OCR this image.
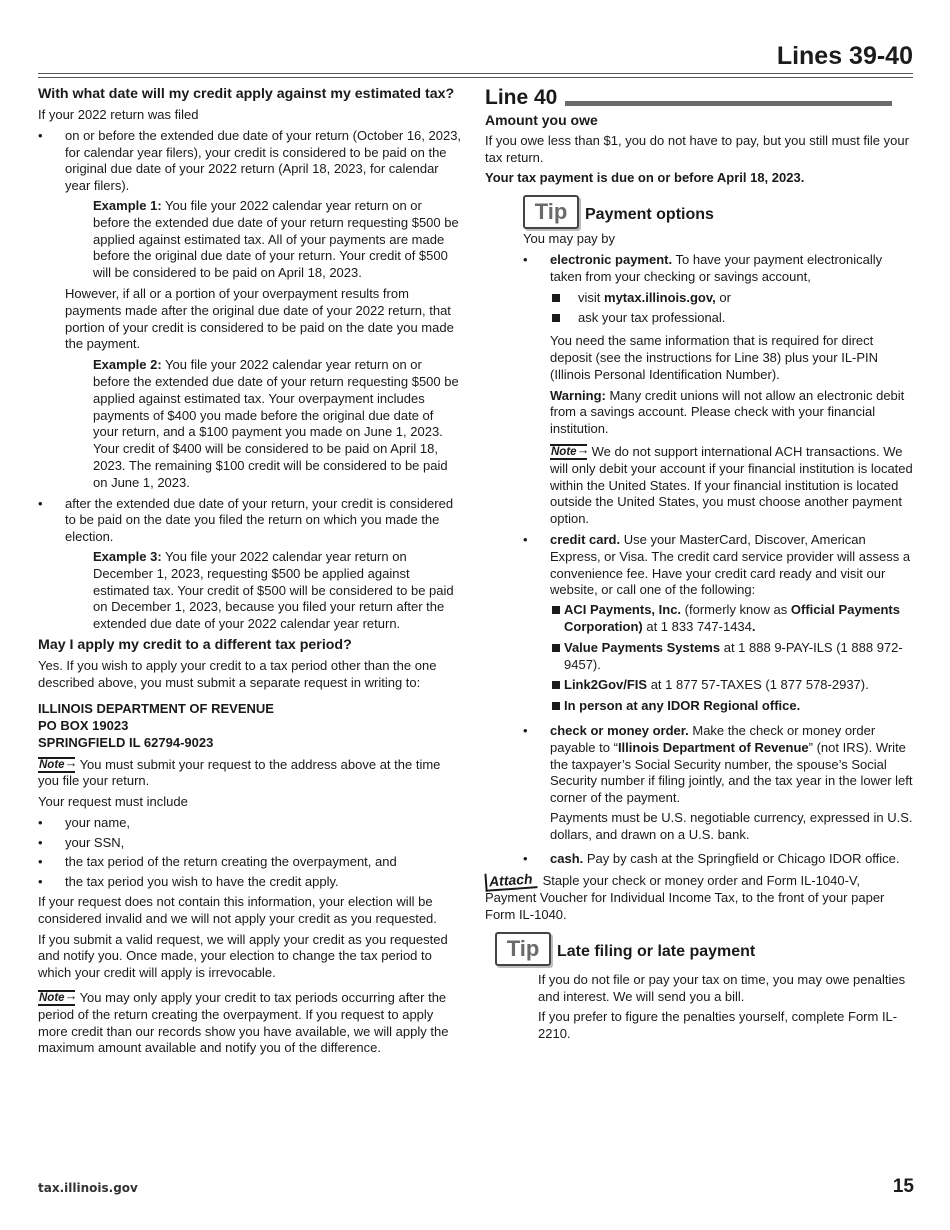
Lines 39-40
With what date will my credit apply against my estimated tax?

If your 2022 return was filed

• on or before the extended due date of your return (October 16, 2023, for calendar year filers), your credit is considered to be paid on the original due date of your 2022 return (April 18, 2023, for calendar year filers).

Example 1: You file your 2022 calendar year return on or before the extended due date of your return requesting $500 be applied against estimated tax. All of your payments are made before the original due date of your return. Your credit of $500 will be considered to be paid on April 18, 2023.

However, if all or a portion of your overpayment results from payments made after the original due date of your 2022 return, that portion of your credit is considered to be paid on the date you made the payment.

Example 2: You file your 2022 calendar year return on or before the extended due date of your return requesting $500 be applied against estimated tax. Your overpayment includes payments of $400 you made before the original due date of your return, and a $100 payment you made on June 1, 2023. Your credit of $400 will be considered to be paid on April 18, 2023. The remaining $100 credit will be considered to be paid on June 1, 2023.

• after the extended due date of your return, your credit is considered to be paid on the date you filed the return on which you made the election.

Example 3: You file your 2022 calendar year return on December 1, 2023, requesting $500 be applied against estimated tax. Your credit of $500 will be considered to be paid on December 1, 2023, because you filed your return after the extended due date of your 2022 calendar year return.

May I apply my credit to a different tax period?

Yes. If you wish to apply your credit to a tax period other than the one described above, you must submit a separate request in writing to:

ILLINOIS DEPARTMENT OF REVENUE
PO BOX 19023
SPRINGFIELD IL 62794-9023

Note → You must submit your request to the address above at the time you file your return.

Your request must include

• your name,
• your SSN,
• the tax period of the return creating the overpayment, and
• the tax period you wish to have the credit apply.

If your request does not contain this information, your election will be considered invalid and we will not apply your credit as you requested.

If you submit a valid request, we will apply your credit as you requested and notify you. Once made, your election to change the tax period to which your credit will apply is irrevocable.

Note → You may only apply your credit to tax periods occurring after the period of the return creating the overpayment. If you request to apply more credit than our records show you have available, we will apply the maximum amount available and notify you of the difference.

Line 40
Amount you owe

If you owe less than $1, you do not have to pay, but you still must file your tax return.

Your tax payment is due on or before April 18, 2023.

Tip	Payment options

You may pay by

• electronic payment. To have your payment electronically taken from your checking or savings account,
visit mytax.illinois.gov, or
ask your tax professional.

You need the same information that is required for direct deposit (see the instructions for Line 38) plus your IL-PIN (Illinois Personal Identification Number).

Warning: Many credit unions will not allow an electronic debit from a savings account. Please check with your financial institution.

Note → We do not support international ACH transactions. We will only debit your account if your financial institution is located within the United States. If your financial institution is located outside the United States, you must choose another payment option.

• credit card. Use your MasterCard, Discover, American Express, or Visa. The credit card service provider will assess a convenience fee. Have your credit card ready and visit our website, or call one of the following:
ACI Payments, Inc. (formerly know as Official Payments Corporation) at 1 833 747-1434.
Value Payments Systems at 1 888 9-PAY-ILS (1 888 972-9457).
Link2Gov/FIS at 1 877 57-TAXES (1 877 578-2937).
In person at any IDOR Regional office.
• check or money order. Make the check or money order payable to “Illinois Department of Revenue” (not IRS). Write the taxpayer’s Social Security number, the spouse’s Social Security number if filing jointly, and the tax year in the lower left corner of the payment.

Payments must be U.S. negotiable currency, expressed in U.S. dollars, and drawn on a U.S. bank.

• cash. Pay by cash at the Springfield or Chicago IDOR office.

Attach Staple your check or money order and Form IL-1040-V, Payment Voucher for Individual Income Tax, to the front of your paper Form IL-1040.

Tip	Late filing or late payment

If you do not file or pay your tax on time, you may owe penalties and interest. We will send you a bill.

If you prefer to figure the penalties yourself, complete Form IL-2210.

tax.illinois.gov	15
